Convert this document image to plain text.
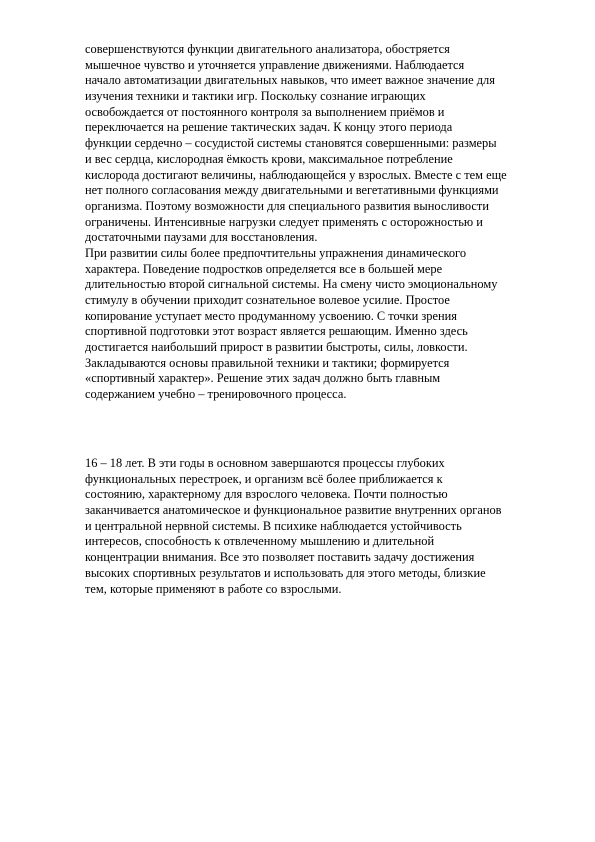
совершенствуются функции двигательного анализатора, обостряется
мышечное чувство и уточняется управление движениями. Наблюдается
начало автоматизации двигательных навыков, что имеет важное значение для
изучения техники и тактики игр. Поскольку сознание играющих
освобождается от постоянного контроля за выполнением приёмов и
переключается на решение тактических задач. К концу этого периода
функции сердечно – сосудистой системы становятся совершенными: размеры
и вес сердца, кислородная ёмкость крови, максимальное потребление
кислорода достигают величины, наблюдающейся у взрослых. Вместе с тем еще
нет полного согласования между двигательными и вегетативными функциями
организма. Поэтому возможности для специального развития выносливости
ограничены. Интенсивные нагрузки следует применять с осторожностью и
достаточными паузами для восстановления.
При развитии силы более предпочтительны упражнения динамического
характера. Поведение подростков определяется все в большей мере
длительностью второй сигнальной системы. На смену чисто эмоциональному
стимулу в обучении приходит сознательное волевое усилие. Простое
копирование уступает место продуманному усвоению. С точки зрения
спортивной подготовки этот возраст является решающим. Именно здесь
достигается наибольший прирост в развитии быстроты, силы, ловкости.
Закладываются основы правильной техники и тактики; формируется
«спортивный характер». Решение этих задач должно быть главным
содержанием учебно – тренировочного процесса.
16 – 18 лет. В эти годы в основном завершаются процессы глубоких
функциональных перестроек, и организм всё более приближается к
состоянию, характерному для взрослого человека. Почти полностью
заканчивается анатомическое и функциональное развитие внутренних органов
и центральной нервной системы. В психике наблюдается устойчивость
интересов, способность к отвлеченному мышлению и длительной
концентрации внимания. Все это позволяет поставить задачу достижения
высоких спортивных результатов и использовать для этого методы, близкие
тем, которые применяют в работе со взрослыми.
